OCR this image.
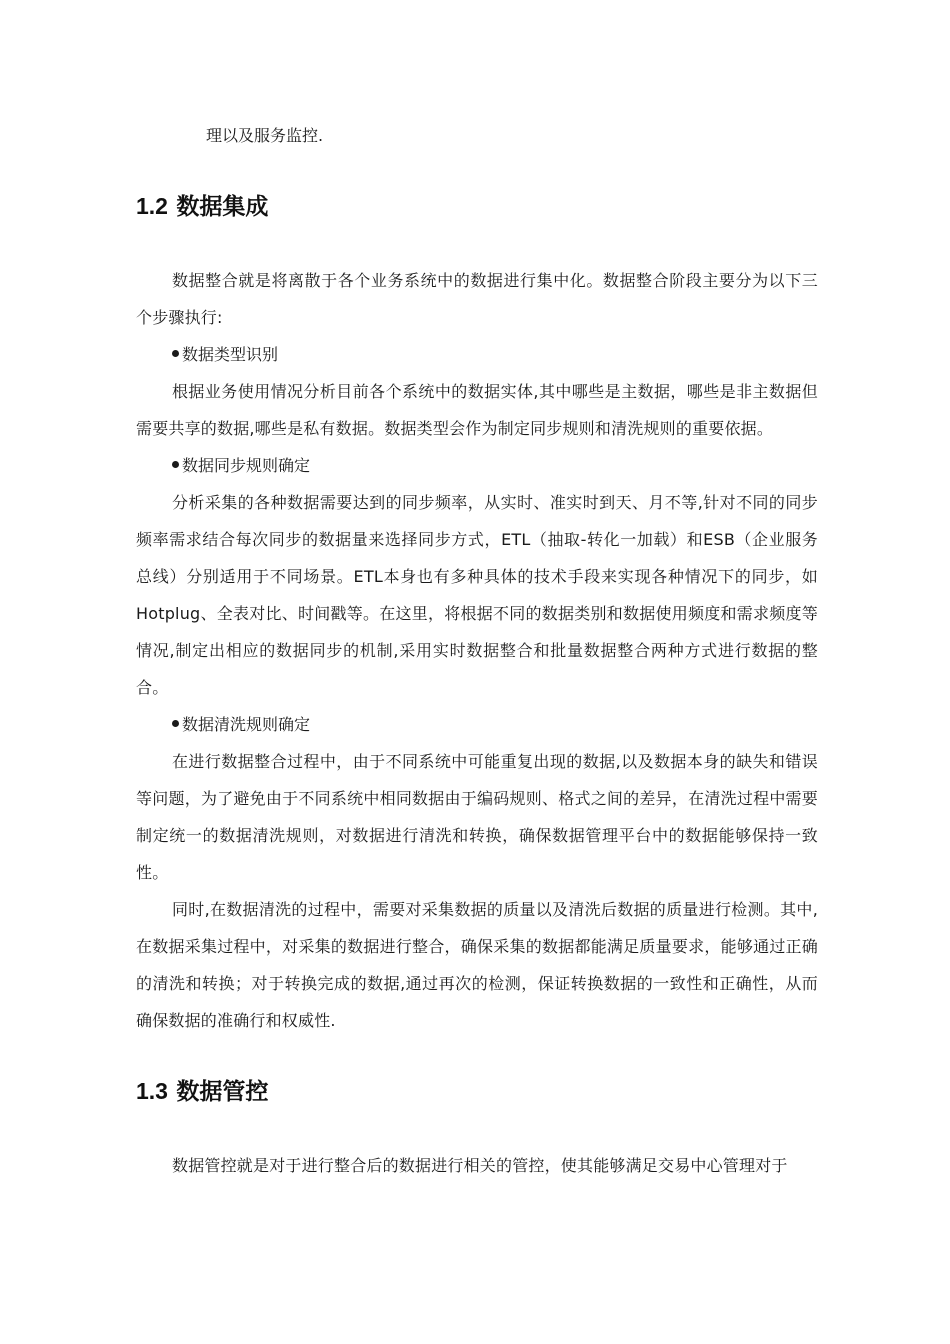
理以及服务监控.
1.2 数据集成

数据整合就是将离散于各个业务系统中的数据进行集中化。数据整合阶段主要分为以下三个步骤执行:

数据类型识别

根据业务使用情况分析目前各个系统中的数据实体,其中哪些是主数据，哪些是非主数据但需要共享的数据,哪些是私有数据。数据类型会作为制定同步规则和清洗规则的重要依据。

数据同步规则确定

分析采集的各种数据需要达到的同步频率，从实时、准实时到天、月不等,针对不同的同步频率需求结合每次同步的数据量来选择同步方式，ETL（抽取-转化一加载）和ESB（企业服务总线）分别适用于不同场景。ETL本身也有多种具体的技术手段来实现各种情况下的同步，如Hotplug、全表对比、时间戳等。在这里，将根据不同的数据类别和数据使用频度和需求频度等情况,制定出相应的数据同步的机制,采用实时数据整合和批量数据整合两种方式进行数据的整合。

数据清洗规则确定

在进行数据整合过程中，由于不同系统中可能重复出现的数据,以及数据本身的缺失和错误等问题，为了避免由于不同系统中相同数据由于编码规则、格式之间的差异，在清洗过程中需要制定统一的数据清洗规则，对数据进行清洗和转换，确保数据管理平台中的数据能够保持一致性。

同时,在数据清洗的过程中，需要对采集数据的质量以及清洗后数据的质量进行检测。其中,在数据采集过程中，对采集的数据进行整合，确保采集的数据都能满足质量要求，能够通过正确的清洗和转换；对于转换完成的数据,通过再次的检测，保证转换数据的一致性和正确性，从而确保数据的准确行和权威性.

1.3 数据管控

数据管控就是对于进行整合后的数据进行相关的管控，使其能够满足交易中心管理对于
